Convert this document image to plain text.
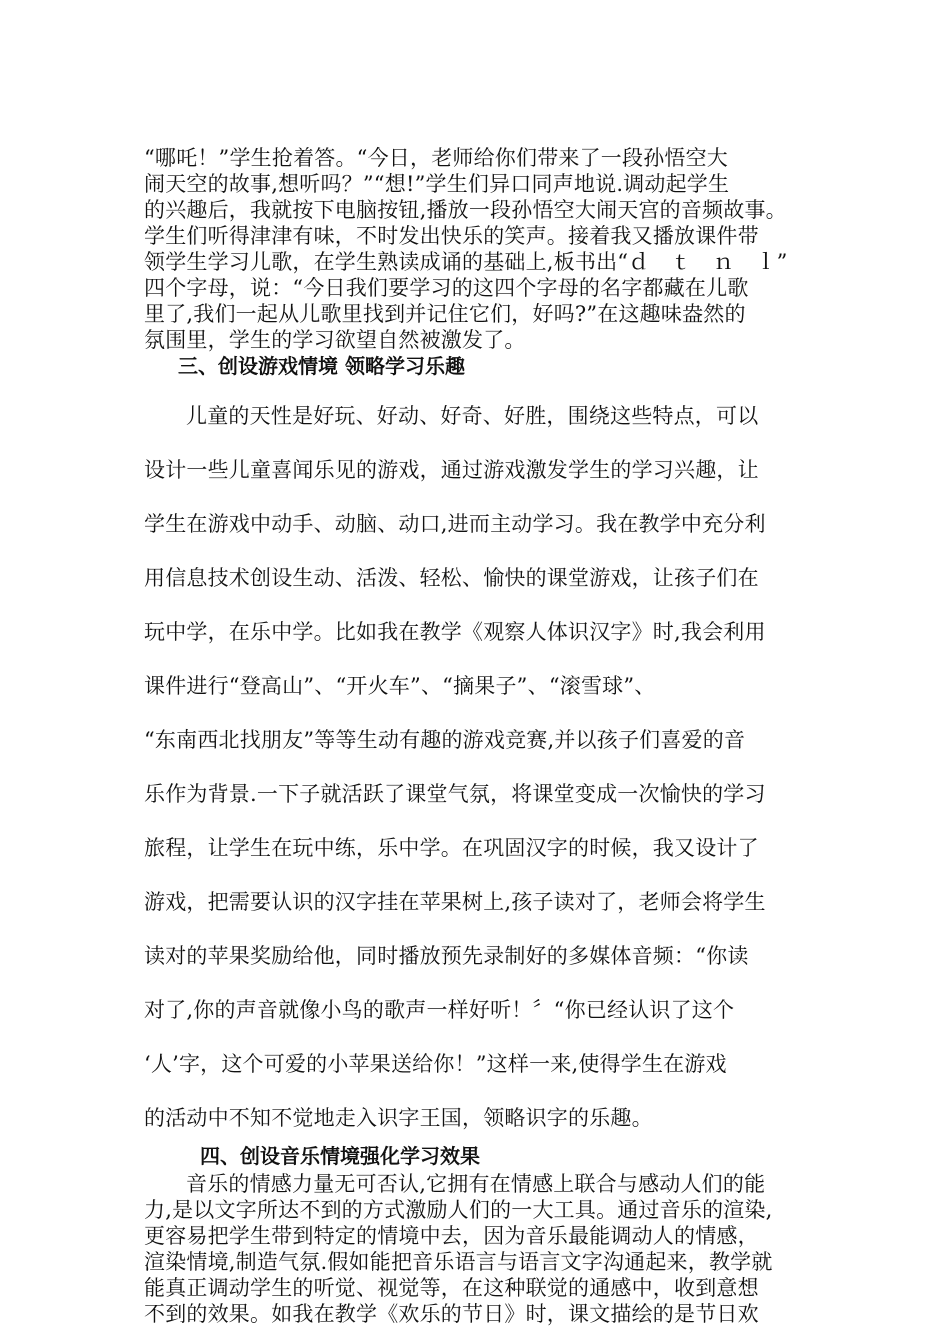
“哪吒！”学生抢着答。“今日，老师给你们带来了一段孙悟空大
闹天空的故事,想听吗？”“想!”学生们异口同声地说.调动起学生
的兴趣后，我就按下电脑按钮,播放一段孙悟空大闹天宫的音频故事。
学生们听得津津有味，不时发出快乐的笑声。接着我又播放课件带
领学生学习儿歌，在学生熟读成诵的基础上,板书出“ｄ　ｔ　ｎ　ｌ”
四个字母，说：“今日我们要学习的这四个字母的名字都藏在儿歌
里了,我们一起从儿歌里找到并记住它们，好吗?”在这趣味盎然的
氛围里，学生的学习欲望自然被激发了。
三、创设游戏情境 领略学习乐趣
儿童的天性是好玩、好动、好奇、好胜，围绕这些特点，可以
设计一些儿童喜闻乐见的游戏，通过游戏激发学生的学习兴趣，让
学生在游戏中动手、动脑、动口,进而主动学习。我在教学中充分利
用信息技术创设生动、活泼、轻松、愉快的课堂游戏，让孩子们在
玩中学，在乐中学。比如我在教学《观察人体识汉字》时,我会利用
课件进行“登高山”、“开火车”、“摘果子”、“滚雪球”、
“东南西北找朋友”等等生动有趣的游戏竞赛,并以孩子们喜爱的音
乐作为背景.一下子就活跃了课堂气氛，将课堂变成一次愉快的学习
旅程，让学生在玩中练，乐中学。在巩固汉字的时候，我又设计了
游戏，把需要认识的汉字挂在苹果树上,孩子读对了，老师会将学生
读对的苹果奖励给他，同时播放预先录制好的多媒体音频：“你读
对了,你的声音就像小鸟的歌声一样好听！〞“你已经认识了这个
‘人’字，这个可爱的小苹果送给你！”这样一来,使得学生在游戏
的活动中不知不觉地走入识字王国，领略识字的乐趣。
四、创设音乐情境强化学习效果
音乐的情感力量无可否认,它拥有在情感上联合与感动人们的能
力,是以文字所达不到的方式激励人们的一大工具。通过音乐的渲染,
更容易把学生带到特定的情境中去，因为音乐最能调动人的情感，
渲染情境,制造气氛.假如能把音乐语言与语言文字沟通起来，教学就
能真正调动学生的听觉、视觉等，在这种联觉的通感中，收到意想
不到的效果。如我在教学《欢乐的节日》时，课文描绘的是节日欢
